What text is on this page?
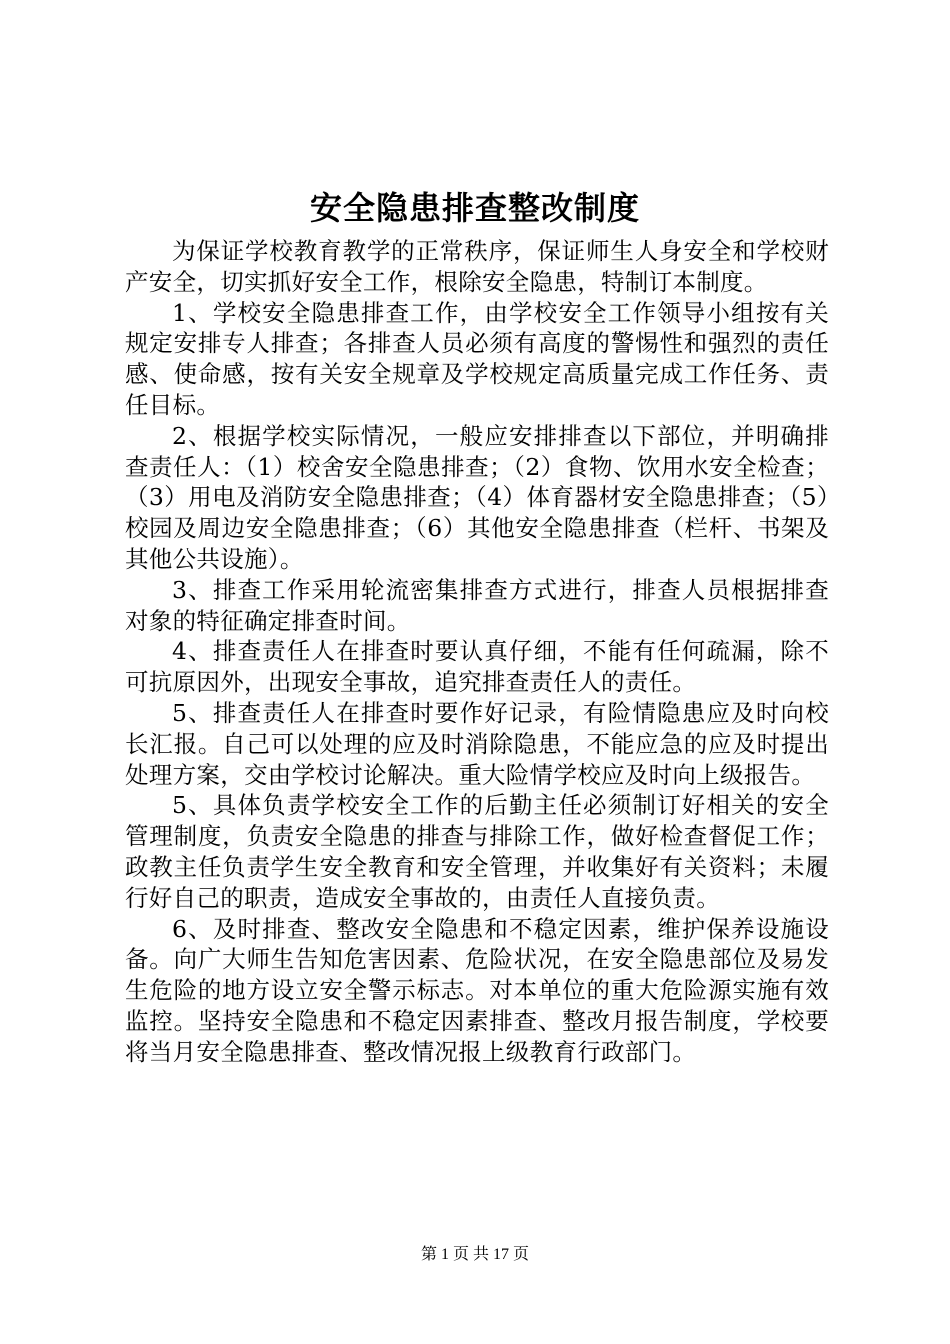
安全隐患排查整改制度

为保证学校教育教学的正常秩序，保证师生人身安全和学校财产安全，切实抓好安全工作，根除安全隐患，特制订本制度。

1、学校安全隐患排查工作，由学校安全工作领导小组按有关规定安排专人排查；各排查人员必须有高度的警惕性和强烈的责任感、使命感，按有关安全规章及学校规定高质量完成工作任务、责任目标。

2、根据学校实际情况，一般应安排排查以下部位，并明确排查责任人：（1）校舍安全隐患排查；（2）食物、饮用水安全检查；（3）用电及消防安全隐患排查；（4）体育器材安全隐患排查；（5）校园及周边安全隐患排查；（6）其他安全隐患排查（栏杆、书架及其他公共设施）。

3、排查工作采用轮流密集排查方式进行，排查人员根据排查对象的特征确定排查时间。

4、排查责任人在排查时要认真仔细，不能有任何疏漏，除不可抗原因外，出现安全事故，追究排查责任人的责任。

5、排查责任人在排查时要作好记录，有险情隐患应及时向校长汇报。自己可以处理的应及时消除隐患，不能应急的应及时提出处理方案，交由学校讨论解决。重大险情学校应及时向上级报告。

5、具体负责学校安全工作的后勤主任必须制订好相关的安全管理制度，负责安全隐患的排查与排除工作，做好检查督促工作；政教主任负责学生安全教育和安全管理，并收集好有关资料；未履行好自己的职责，造成安全事故的，由责任人直接负责。

6、及时排查、整改安全隐患和不稳定因素，维护保养设施设备。向广大师生告知危害因素、危险状况，在安全隐患部位及易发生危险的地方设立安全警示标志。对本单位的重大危险源实施有效监控。坚持安全隐患和不稳定因素排查、整改月报告制度，学校要将当月安全隐患排查、整改情况报上级教育行政部门。

第 1 页 共 17 页
